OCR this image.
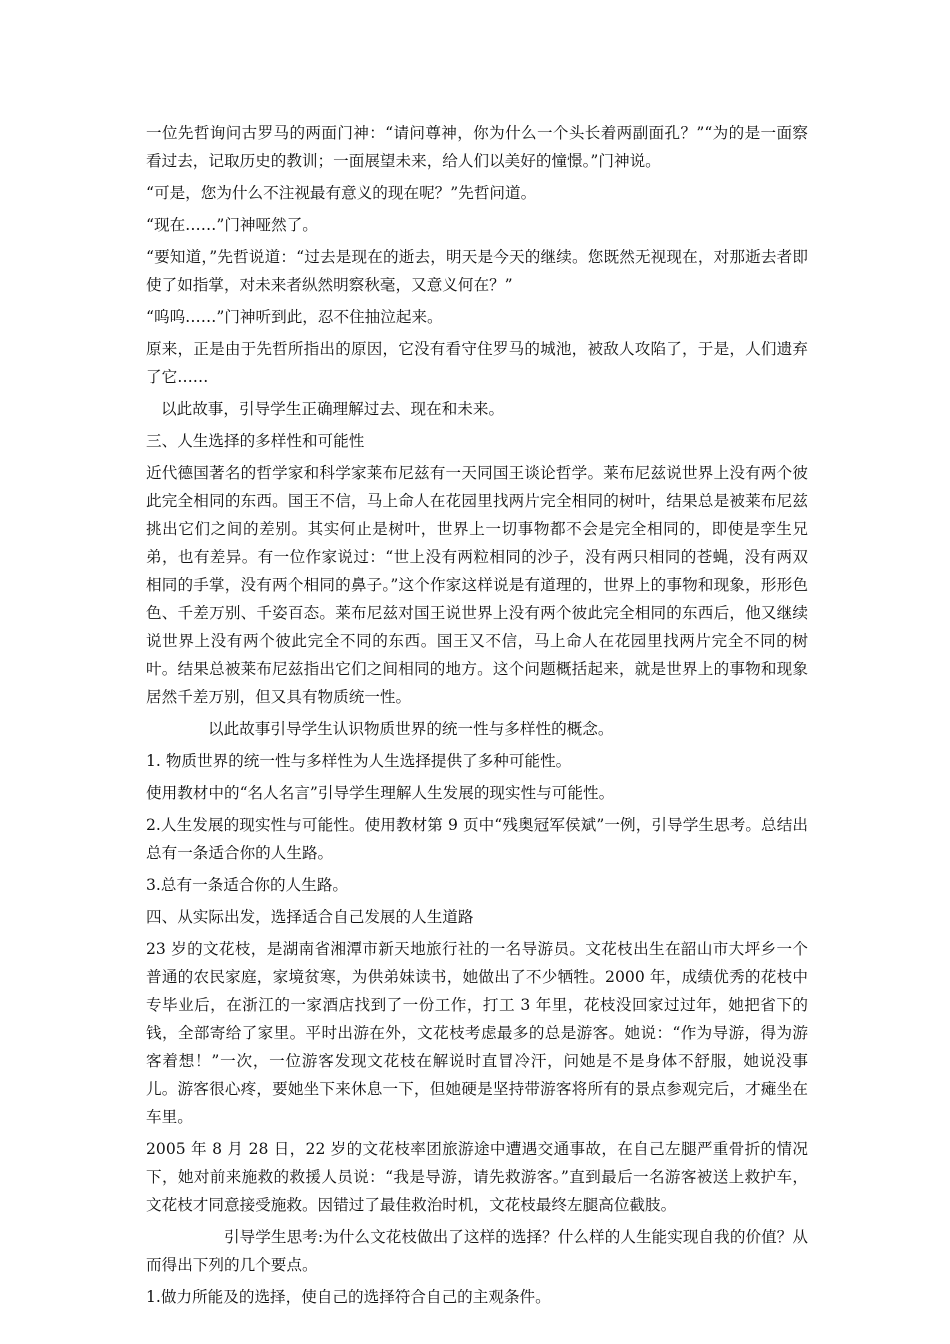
一位先哲询问古罗马的两面门神：“请问尊神，你为什么一个头长着两副面孔？”“为的是一面察看过去，记取历史的教训；一面展望未来，给人们以美好的憧憬。”门神说。

“可是，您为什么不注视最有意义的现在呢？”先哲问道。

“现在……”门神哑然了。

“要知道，”先哲说道：“过去是现在的逝去，明天是今天的继续。您既然无视现在，对那逝去者即使了如指掌，对未来者纵然明察秋毫，又意义何在？”

“呜呜……”门神听到此，忍不住抽泣起来。

原来，正是由于先哲所指出的原因，它没有看守住罗马的城池，被敌人攻陷了，于是，人们遗弃了它……

以此故事，引导学生正确理解过去、现在和未来。

三、人生选择的多样性和可能性

近代德国著名的哲学家和科学家莱布尼兹有一天同国王谈论哲学。莱布尼兹说世界上没有两个彼此完全相同的东西。国王不信，马上命人在花园里找两片完全相同的树叶，结果总是被莱布尼兹挑出它们之间的差别。其实何止是树叶，世界上一切事物都不会是完全相同的，即使是孪生兄弟，也有差异。有一位作家说过：“世上没有两粒相同的沙子，没有两只相同的苍蝇，没有两双相同的手掌，没有两个相同的鼻子。”这个作家这样说是有道理的，世界上的事物和现象，形形色色、千差万别、千姿百态。莱布尼兹对国王说世界上没有两个彼此完全相同的东西后，他又继续说世界上没有两个彼此完全不同的东西。国王又不信，马上命人在花园里找两片完全不同的树叶。结果总被莱布尼兹指出它们之间相同的地方。这个问题概括起来，就是世界上的事物和现象居然千差万别，但又具有物质统一性。

以此故事引导学生认识物质世界的统一性与多样性的概念。

1. 物质世界的统一性与多样性为人生选择提供了多种可能性。

使用教材中的“名人名言”引导学生理解人生发展的现实性与可能性。

2.人生发展的现实性与可能性。使用教材第 9 页中“残奥冠军侯斌”一例，引导学生思考。总结出总有一条适合你的人生路。

3.总有一条适合你的人生路。

四、从实际出发，选择适合自己发展的人生道路

23 岁的文花枝，是湖南省湘潭市新天地旅行社的一名导游员。文花枝出生在韶山市大坪乡一个普通的农民家庭，家境贫寒，为供弟妹读书，她做出了不少牺牲。2000 年，成绩优秀的花枝中专毕业后，在浙江的一家酒店找到了一份工作，打工 3 年里，花枝没回家过过年，她把省下的钱，全部寄给了家里。平时出游在外，文花枝考虑最多的总是游客。她说：“作为导游，得为游客着想！”一次，一位游客发现文花枝在解说时直冒冷汗，问她是不是身体不舒服，她说没事儿。游客很心疼，要她坐下来休息一下，但她硬是坚持带游客将所有的景点参观完后，才瘫坐在车里。

2005 年 8 月 28 日，22 岁的文花枝率团旅游途中遭遇交通事故，在自己左腿严重骨折的情况下，她对前来施救的救援人员说：“我是导游，请先救游客。”直到最后一名游客被送上救护车，文花枝才同意接受施救。因错过了最佳救治时机，文花枝最终左腿高位截肢。

引导学生思考:为什么文花枝做出了这样的选择？什么样的人生能实现自我的价值？从而得出下列的几个要点。

1.做力所能及的选择，使自己的选择符合自己的主观条件。
